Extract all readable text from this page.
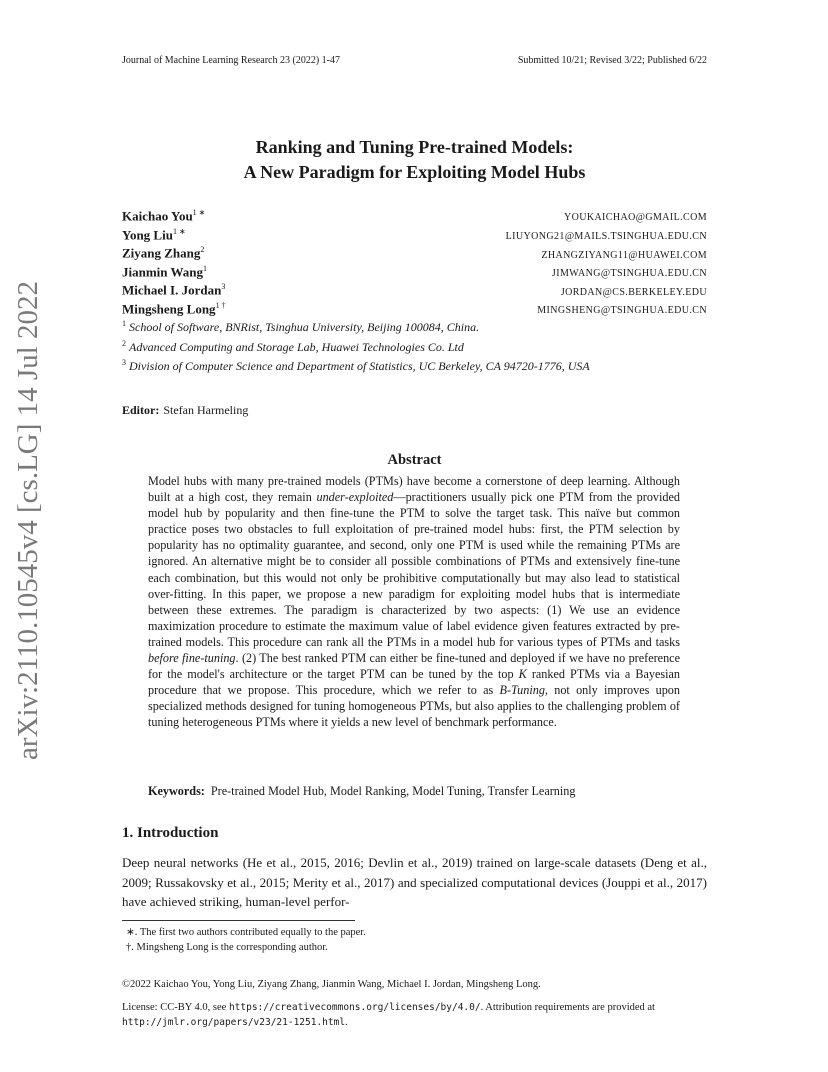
Journal of Machine Learning Research 23 (2022) 1-47	Submitted 10/21; Revised 3/22; Published 6/22
arXiv:2110.10545v4 [cs.LG] 14 Jul 2022
Ranking and Tuning Pre-trained Models:
A New Paradigm for Exploiting Model Hubs
Kaichao You$^{1 ∗}$	YOUKAICHAO@GMAIL.COM
Yong Liu$^{1 ∗}$	LIUYONG21@MAILS.TSINGHUA.EDU.CN
Ziyang Zhang$^2$	ZHANGZIYANG11@HUAWEI.COM
Jianmin Wang$^1$	JIMWANG@TSINGHUA.EDU.CN
Michael I. Jordan$^3$	JORDAN@CS.BERKELEY.EDU
Mingsheng Long$^{1 \dagger}$	MINGSHENG@TSINGHUA.EDU.CN
$^1$ School of Software, BNRist, Tsinghua University, Beijing 100084, China.
$^2$ Advanced Computing and Storage Lab, Huawei Technologies Co. Ltd
$^3$ Division of Computer Science and Department of Statistics, UC Berkeley, CA 94720-1776, USA
Editor: Stefan Harmeling
Abstract
Model hubs with many pre-trained models (PTMs) have become a cornerstone of deep learning. Although built at a high cost, they remain under-exploited—practitioners usually pick one PTM from the provided model hub by popularity and then fine-tune the PTM to solve the target task. This naïve but common practice poses two obstacles to full exploitation of pre-trained model hubs: first, the PTM selection by popularity has no optimality guarantee, and second, only one PTM is used while the remaining PTMs are ignored. An alternative might be to consider all possible combinations of PTMs and extensively fine-tune each combination, but this would not only be prohibitive computationally but may also lead to statistical over-fitting. In this paper, we propose a new paradigm for exploiting model hubs that is intermediate between these extremes. The paradigm is characterized by two aspects: (1) We use an evidence maximization procedure to estimate the maximum value of label evidence given features extracted by pre-trained models. This procedure can rank all the PTMs in a model hub for various types of PTMs and tasks before fine-tuning. (2) The best ranked PTM can either be fine-tuned and deployed if we have no preference for the model's architecture or the target PTM can be tuned by the top K ranked PTMs via a Bayesian procedure that we propose. This procedure, which we refer to as B-Tuning, not only improves upon specialized methods designed for tuning homogeneous PTMs, but also applies to the challenging problem of tuning heterogeneous PTMs where it yields a new level of benchmark performance.
Keywords: Pre-trained Model Hub, Model Ranking, Model Tuning, Transfer Learning
1. Introduction
Deep neural networks (He et al., 2015, 2016; Devlin et al., 2019) trained on large-scale datasets (Deng et al., 2009; Russakovsky et al., 2015; Merity et al., 2017) and specialized computational devices (Jouppi et al., 2017) have achieved striking, human-level perfor-
∗. The first two authors contributed equally to the paper.
†. Mingsheng Long is the corresponding author.
©2022 Kaichao You, Yong Liu, Ziyang Zhang, Jianmin Wang, Michael I. Jordan, Mingsheng Long.
License: CC-BY 4.0, see https://creativecommons.org/licenses/by/4.0/. Attribution requirements are provided at http://jmlr.org/papers/v23/21-1251.html.
